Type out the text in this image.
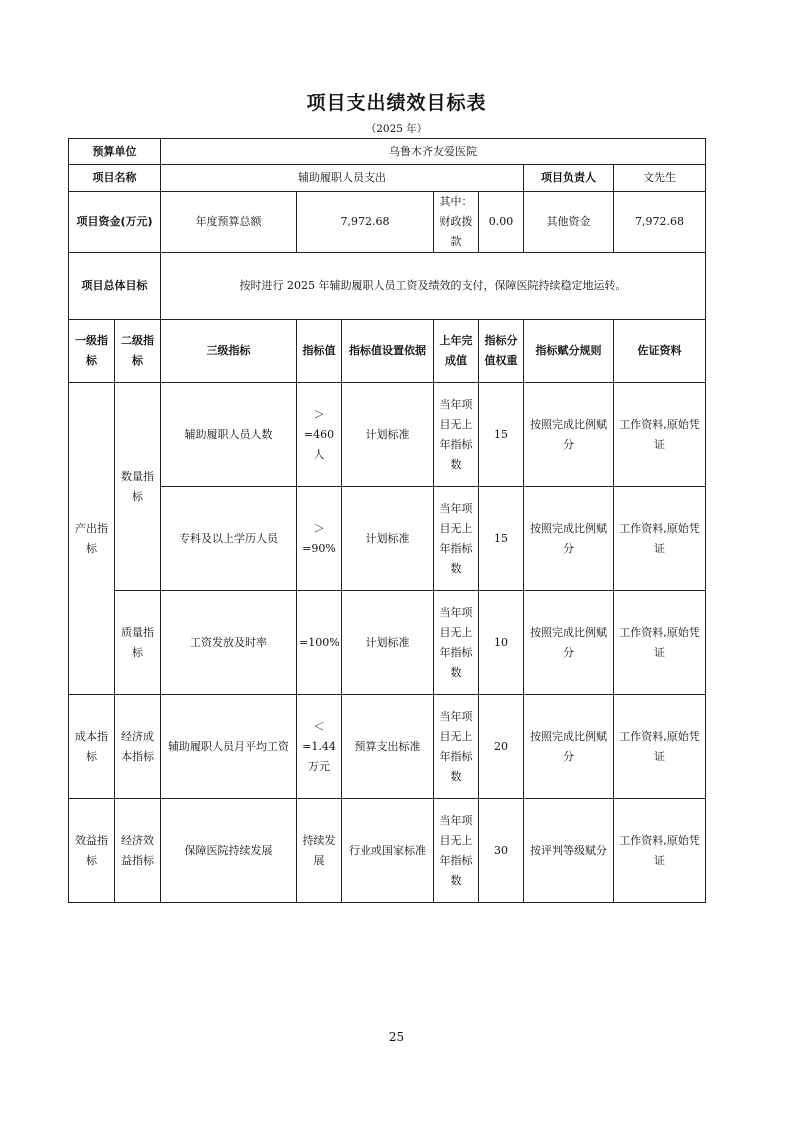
项目支出绩效目标表
（2025 年）
预算单位		乌鲁木齐友爱医院						
项目名称		辅助履职人员支出					项目负责人	文先生
项目资金(万元)		年度预算总额	7,972.68		其中：财政拨款	0.00	其他资金	7,972.68
项目总体目标		按时进行 2025 年辅助履职人员工资及绩效的支付，保障医院持续稳定地运转。						
一级指标	二级指标	三级指标	指标值	指标值设置依据	上年完成值	指标分值权重	指标赋分规则	佐证资料
产出指标	数量指标	辅助履职人员人数	＞=460人	计划标准	当年项目无上年指标数	15	按照完成比例赋分	工作资料,原始凭证
		专科及以上学历人员	＞=90%	计划标准	当年项目无上年指标数	15	按照完成比例赋分	工作资料,原始凭证
	质量指标	工资发放及时率	=100%	计划标准	当年项目无上年指标数	10	按照完成比例赋分	工作资料,原始凭证
成本指标	经济成本指标	辅助履职人员月平均工资	＜=1.44万元	预算支出标准	当年项目无上年指标数	20	按照完成比例赋分	工作资料,原始凭证
效益指标	经济效益指标	保障医院持续发展	持续发展	行业或国家标准	当年项目无上年指标数	30	按评判等级赋分	工作资料,原始凭证
25
